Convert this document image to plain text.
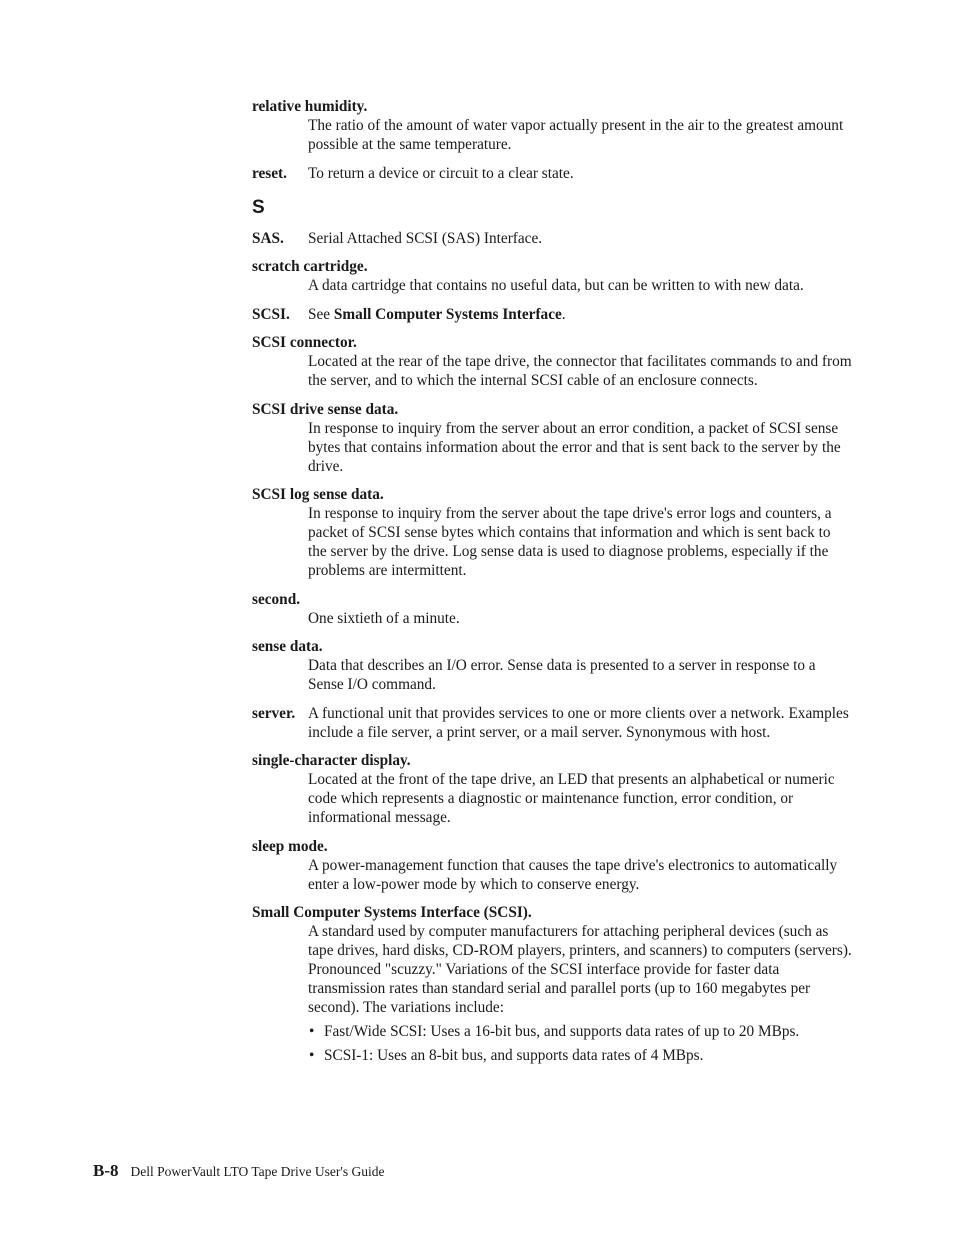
relative humidity.
The ratio of the amount of water vapor actually present in the air to the greatest amount possible at the same temperature.
reset.	To return a device or circuit to a clear state.
S
SAS.	Serial Attached SCSI (SAS) Interface.
scratch cartridge.
A data cartridge that contains no useful data, but can be written to with new data.
SCSI.	See Small Computer Systems Interface.
SCSI connector.
Located at the rear of the tape drive, the connector that facilitates commands to and from the server, and to which the internal SCSI cable of an enclosure connects.
SCSI drive sense data.
In response to inquiry from the server about an error condition, a packet of SCSI sense bytes that contains information about the error and that is sent back to the server by the drive.
SCSI log sense data.
In response to inquiry from the server about the tape drive's error logs and counters, a packet of SCSI sense bytes which contains that information and which is sent back to the server by the drive. Log sense data is used to diagnose problems, especially if the problems are intermittent.
second.
One sixtieth of a minute.
sense data.
Data that describes an I/O error. Sense data is presented to a server in response to a Sense I/O command.
server. A functional unit that provides services to one or more clients over a network. Examples include a file server, a print server, or a mail server. Synonymous with host.
single-character display.
Located at the front of the tape drive, an LED that presents an alphabetical or numeric code which represents a diagnostic or maintenance function, error condition, or informational message.
sleep mode.
A power-management function that causes the tape drive's electronics to automatically enter a low-power mode by which to conserve energy.
Small Computer Systems Interface (SCSI).
A standard used by computer manufacturers for attaching peripheral devices (such as tape drives, hard disks, CD-ROM players, printers, and scanners) to computers (servers). Pronounced "scuzzy." Variations of the SCSI interface provide for faster data transmission rates than standard serial and parallel ports (up to 160 megabytes per second). The variations include:
• Fast/Wide SCSI: Uses a 16-bit bus, and supports data rates of up to 20 MBps.
• SCSI-1: Uses an 8-bit bus, and supports data rates of 4 MBps.
B-8 Dell PowerVault LTO Tape Drive User's Guide
